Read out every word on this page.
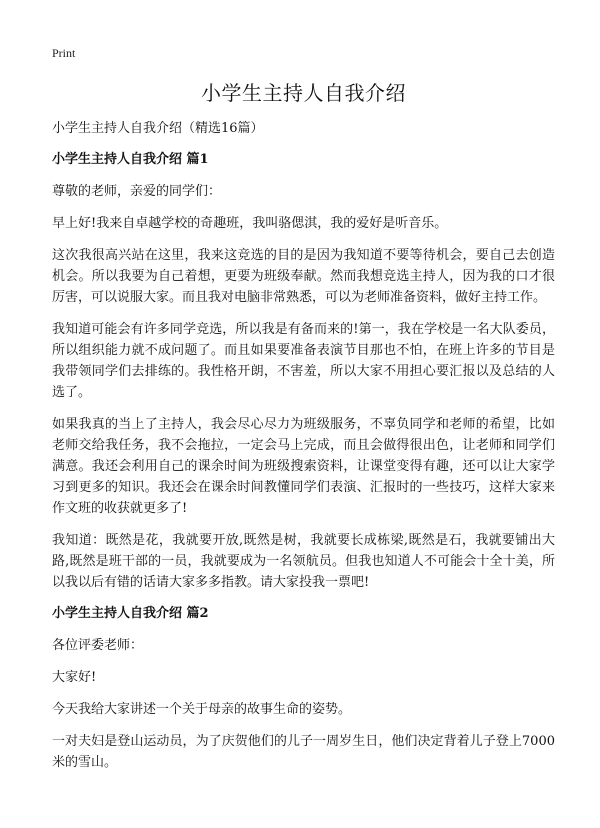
Print
小学生主持人自我介绍
小学生主持人自我介绍（精选16篇）
小学生主持人自我介绍 篇1

尊敬的老师，亲爱的同学们：

早上好!我来自卓越学校的奇趣班，我叫骆偲淇，我的爱好是听音乐。

这次我很高兴站在这里，我来这竞选的目的是因为我知道不要等待机会，要自己去创造机会。所以我要为自己着想，更要为班级奉献。然而我想竞选主持人，因为我的口才很厉害，可以说服大家。而且我对电脑非常熟悉，可以为老师准备资料，做好主持工作。

我知道可能会有许多同学竞选，所以我是有备而来的!第一，我在学校是一名大队委员，所以组织能力就不成问题了。而且如果要准备表演节目那也不怕，在班上许多的节目是我带领同学们去排练的。我性格开朗，不害羞，所以大家不用担心要汇报以及总结的人选了。

如果我真的当上了主持人，我会尽心尽力为班级服务，不辜负同学和老师的希望，比如老师交给我任务，我不会拖拉，一定会马上完成，而且会做得很出色，让老师和同学们满意。我还会利用自己的课余时间为班级搜索资料，让课堂变得有趣，还可以让大家学习到更多的知识。我还会在课余时间教懂同学们表演、汇报时的一些技巧，这样大家来作文班的收获就更多了!

我知道：既然是花，我就要开放,既然是树，我就要长成栋梁,既然是石，我就要铺出大路,既然是班干部的一员，我就要成为一名领航员。但我也知道人不可能会十全十美，所以我以后有错的话请大家多多指教。请大家投我一票吧!

小学生主持人自我介绍 篇2

各位评委老师：

大家好!

今天我给大家讲述一个关于母亲的故事生命的姿势。

一对夫妇是登山运动员，为了庆贺他们的儿子一周岁生日，他们决定背着儿子登上7000米的雪山。
